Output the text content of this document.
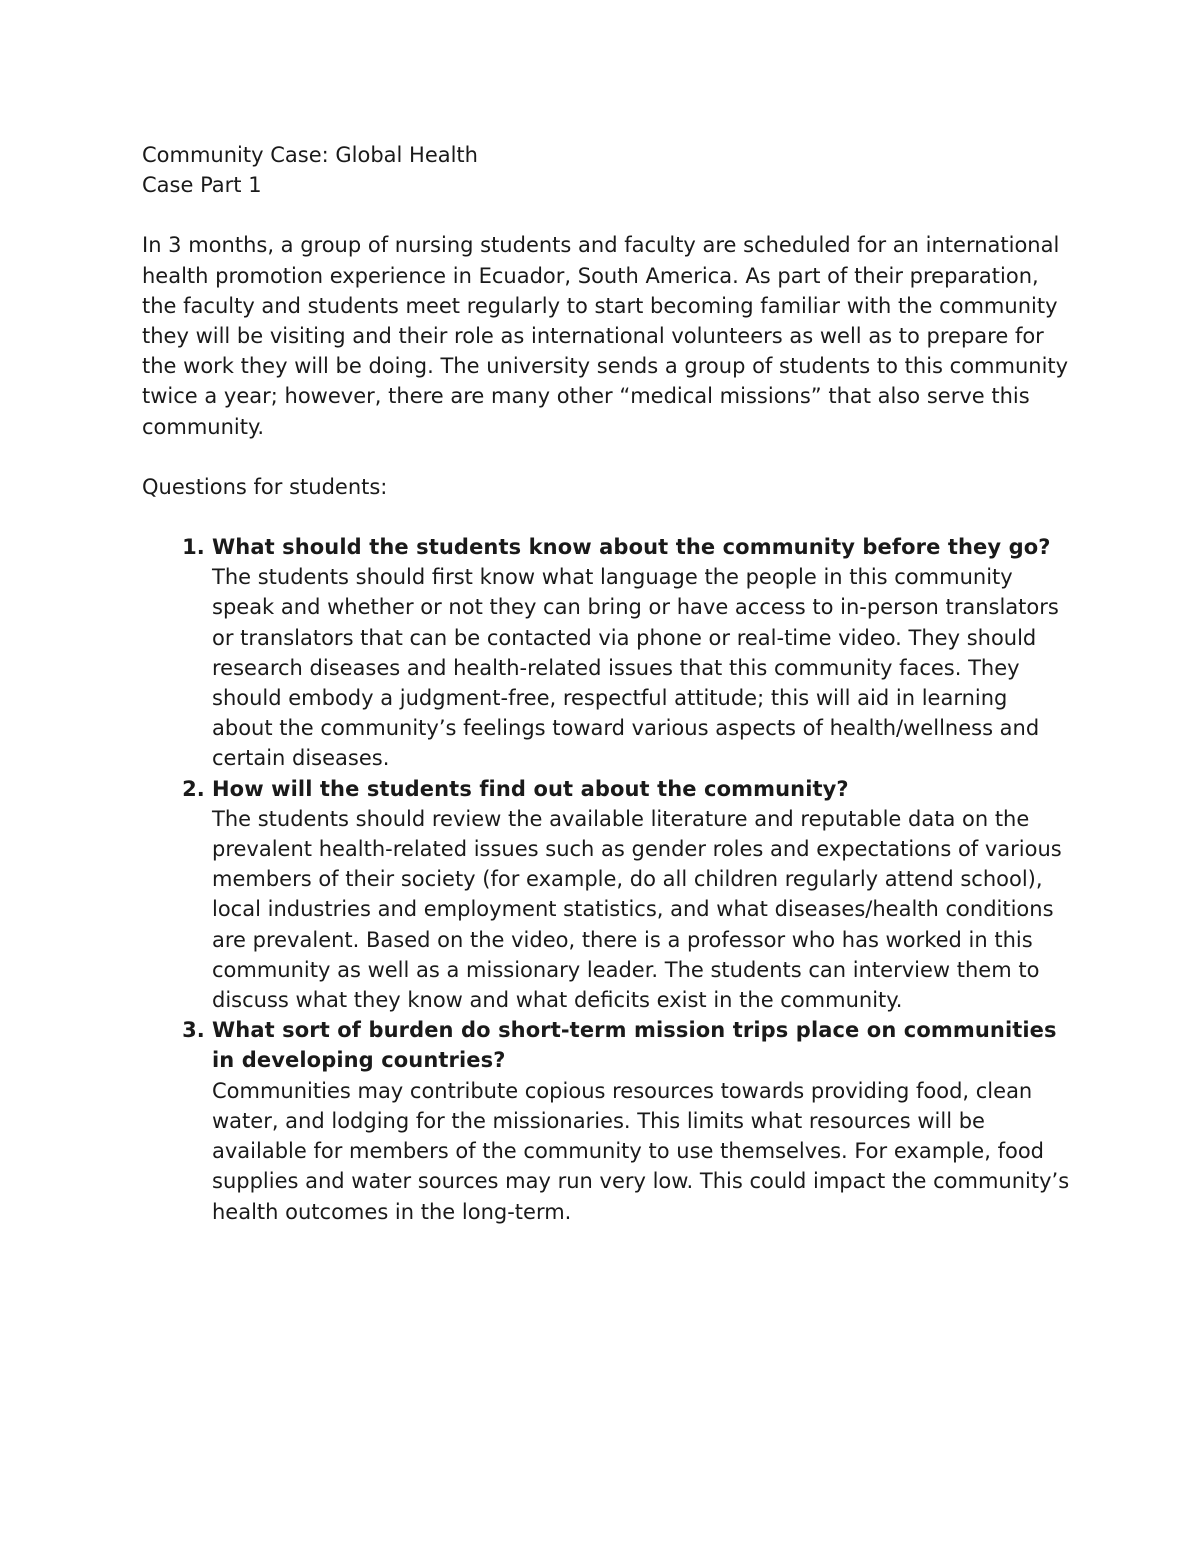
Community Case: Global Health

Case Part 1

In 3 months, a group of nursing students and faculty are scheduled for an international health promotion experience in Ecuador, South America. As part of their preparation, the faculty and students meet regularly to start becoming familiar with the community they will be visiting and their role as international volunteers as well as to prepare for the work they will be doing. The university sends a group of students to this community twice a year; however, there are many other “medical missions” that also serve this community.

Questions for students:

1. What should the students know about the community before they go?
The students should first know what language the people in this community speak and whether or not they can bring or have access to in-person translators or translators that can be contacted via phone or real-time video. They should research diseases and health-related issues that this community faces. They should embody a judgment-free, respectful attitude; this will aid in learning about the community’s feelings toward various aspects of health/wellness and certain diseases.
2. How will the students find out about the community?
The students should review the available literature and reputable data on the prevalent health-related issues such as gender roles and expectations of various members of their society (for example, do all children regularly attend school), local industries and employment statistics, and what diseases/health conditions are prevalent. Based on the video, there is a professor who has worked in this community as well as a missionary leader. The students can interview them to discuss what they know and what deficits exist in the community.
3. What sort of burden do short-term mission trips place on communities in developing countries?
Communities may contribute copious resources towards providing food, clean water, and lodging for the missionaries. This limits what resources will be available for members of the community to use themselves. For example, food supplies and water sources may run very low. This could impact the community’s health outcomes in the long-term.
